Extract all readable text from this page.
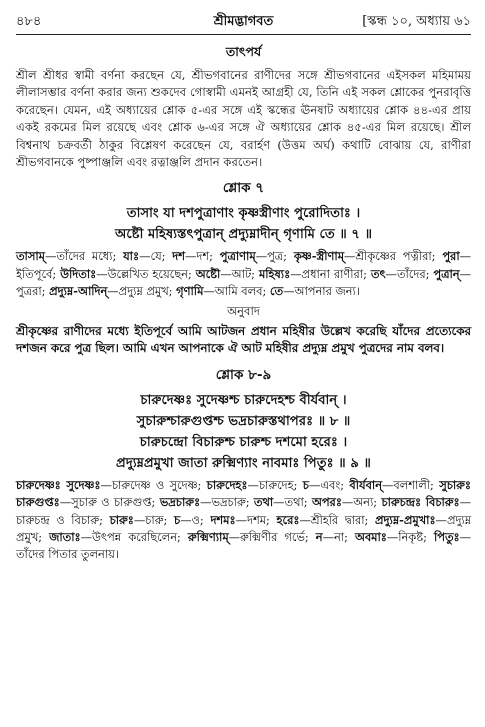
৪৮৪	শ্রীমদ্ভাগবত	[স্কন্ধ ১০, অধ্যায় ৬১
তাৎপর্য

শ্রীল শ্রীধর স্বামী বর্ণনা করছেন যে, শ্রীভগবানের রাণীদের সঙ্গে শ্রীভগবানের এইসকল মহিমাময় লীলাসম্ভার বর্ণনা করার জন্য শুকদেব গোস্বামী এমনই আগ্রহী যে, তিনি এই সকল শ্লোকের পুনরাবৃত্তি করেছেন। যেমন, এই অধ্যায়ের শ্লোক ৫-এর সঙ্গে এই স্কন্ধের ঊনষাট অধ্যায়ের শ্লোক ৪৪-এর প্রায় একই রকমের মিল রয়েছে এবং শ্লোক ৬-এর সঙ্গে ঐ অধ্যায়ের শ্লোক ৪৫-এর মিল রয়েছে। শ্রীল বিশ্বনাথ চক্রবর্তী ঠাকুর বিশ্লেষণ করেছেন যে, বরার্হণ (উত্তম অর্ঘ) কথাটি বোঝায় যে, রাণীরা শ্রীভগবানকে পুষ্পাঞ্জলি এবং রত্নাঞ্জলি প্রদান করতেন।

শ্লোক ৭

তাসাং যা দশপুত্রাণাং কৃষ্ণস্ত্রীণাং পুরোদিতাঃ ।

অষ্টৌ মহিষ্যস্তৎপুত্রান্ প্রদ্যুম্নাদীন্ গৃণামি তে ॥ ৭ ॥

তাসাম্—তাঁদের মধ্যে; যাঃ—যে; দশ—দশ; পুত্রাণাম্—পুত্র; কৃষ্ণ-স্ত্রীণাম্—শ্রীকৃষ্ণের পত্নীরা; পুরা—ইতিপূর্বে; উদিতাঃ—উল্লেখিত হয়েছেন; অষ্টৌ—আট; মহিষ্যঃ—প্রধানা রাণীরা; তৎ—তাঁদের; পুত্রান্—পুত্ররা; প্রদ্যুম্ন-আদিন্—প্রদ্যুম্ন প্রমুখ; গৃণামি—আমি বলব; তে—আপনার জন্য।

অনুবাদ

শ্রীকৃষ্ণের রাণীদের মধ্যে ইতিপূর্বে আমি আটজন প্রধান মহিষীর উল্লেখ করেছি যাঁদের প্রত্যেকের দশজন করে পুত্র ছিল। আমি এখন আপনাকে ঐ আট মহিষীর প্রদ্যুম্ন প্রমুখ পুত্রদের নাম বলব।

শ্লোক ৮-৯

চারুদেষ্ণঃ সুদেষ্ণশ্চ চারুদেহশ্চ বীর্যবান্ ।

সুচারুশ্চারুগুপ্তশ্চ ভদ্রচারুস্তথাপরঃ ॥ ৮ ॥

চারুচন্দ্রো বিচারুশ্চ চারুশ্চ দশমো হরেঃ ।

প্রদ্যুম্নপ্রমুখা জাতা রুক্মিণ্যাং নাবমাঃ পিতুঃ ॥ ৯ ॥

চারুদেষ্ণঃ সুদেষ্ণঃ—চারুদেষ্ণ ও সুদেষ্ণ; চারুদেহঃ—চারুদেহ; চ—এবং; বীর্যবান্—বলশালী; সুচারুঃ চারুগুপ্তঃ—সুচারু ও চারুগুপ্ত; ভদ্রচারুঃ—ভদ্রচারু; তথা—তথা; অপরঃ—অন্য; চারুচন্দ্রঃ বিচারুঃ—চারুচন্দ্র ও বিচারু; চারুঃ—চারু; চ—ও; দশমঃ—দশম; হরেঃ—শ্রীহরি দ্বারা; প্রদ্যুম্ন-প্রমুখাঃ—প্রদ্যুম্ন প্রমুখ; জাতাঃ—উৎপন্ন করেছিলেন; রুক্মিণ্যাম্—রুক্মিণীর গর্ভে; ন—না; অবমাঃ—নিকৃষ্ট; পিতুঃ—তাঁদের পিতার তুলনায়।
